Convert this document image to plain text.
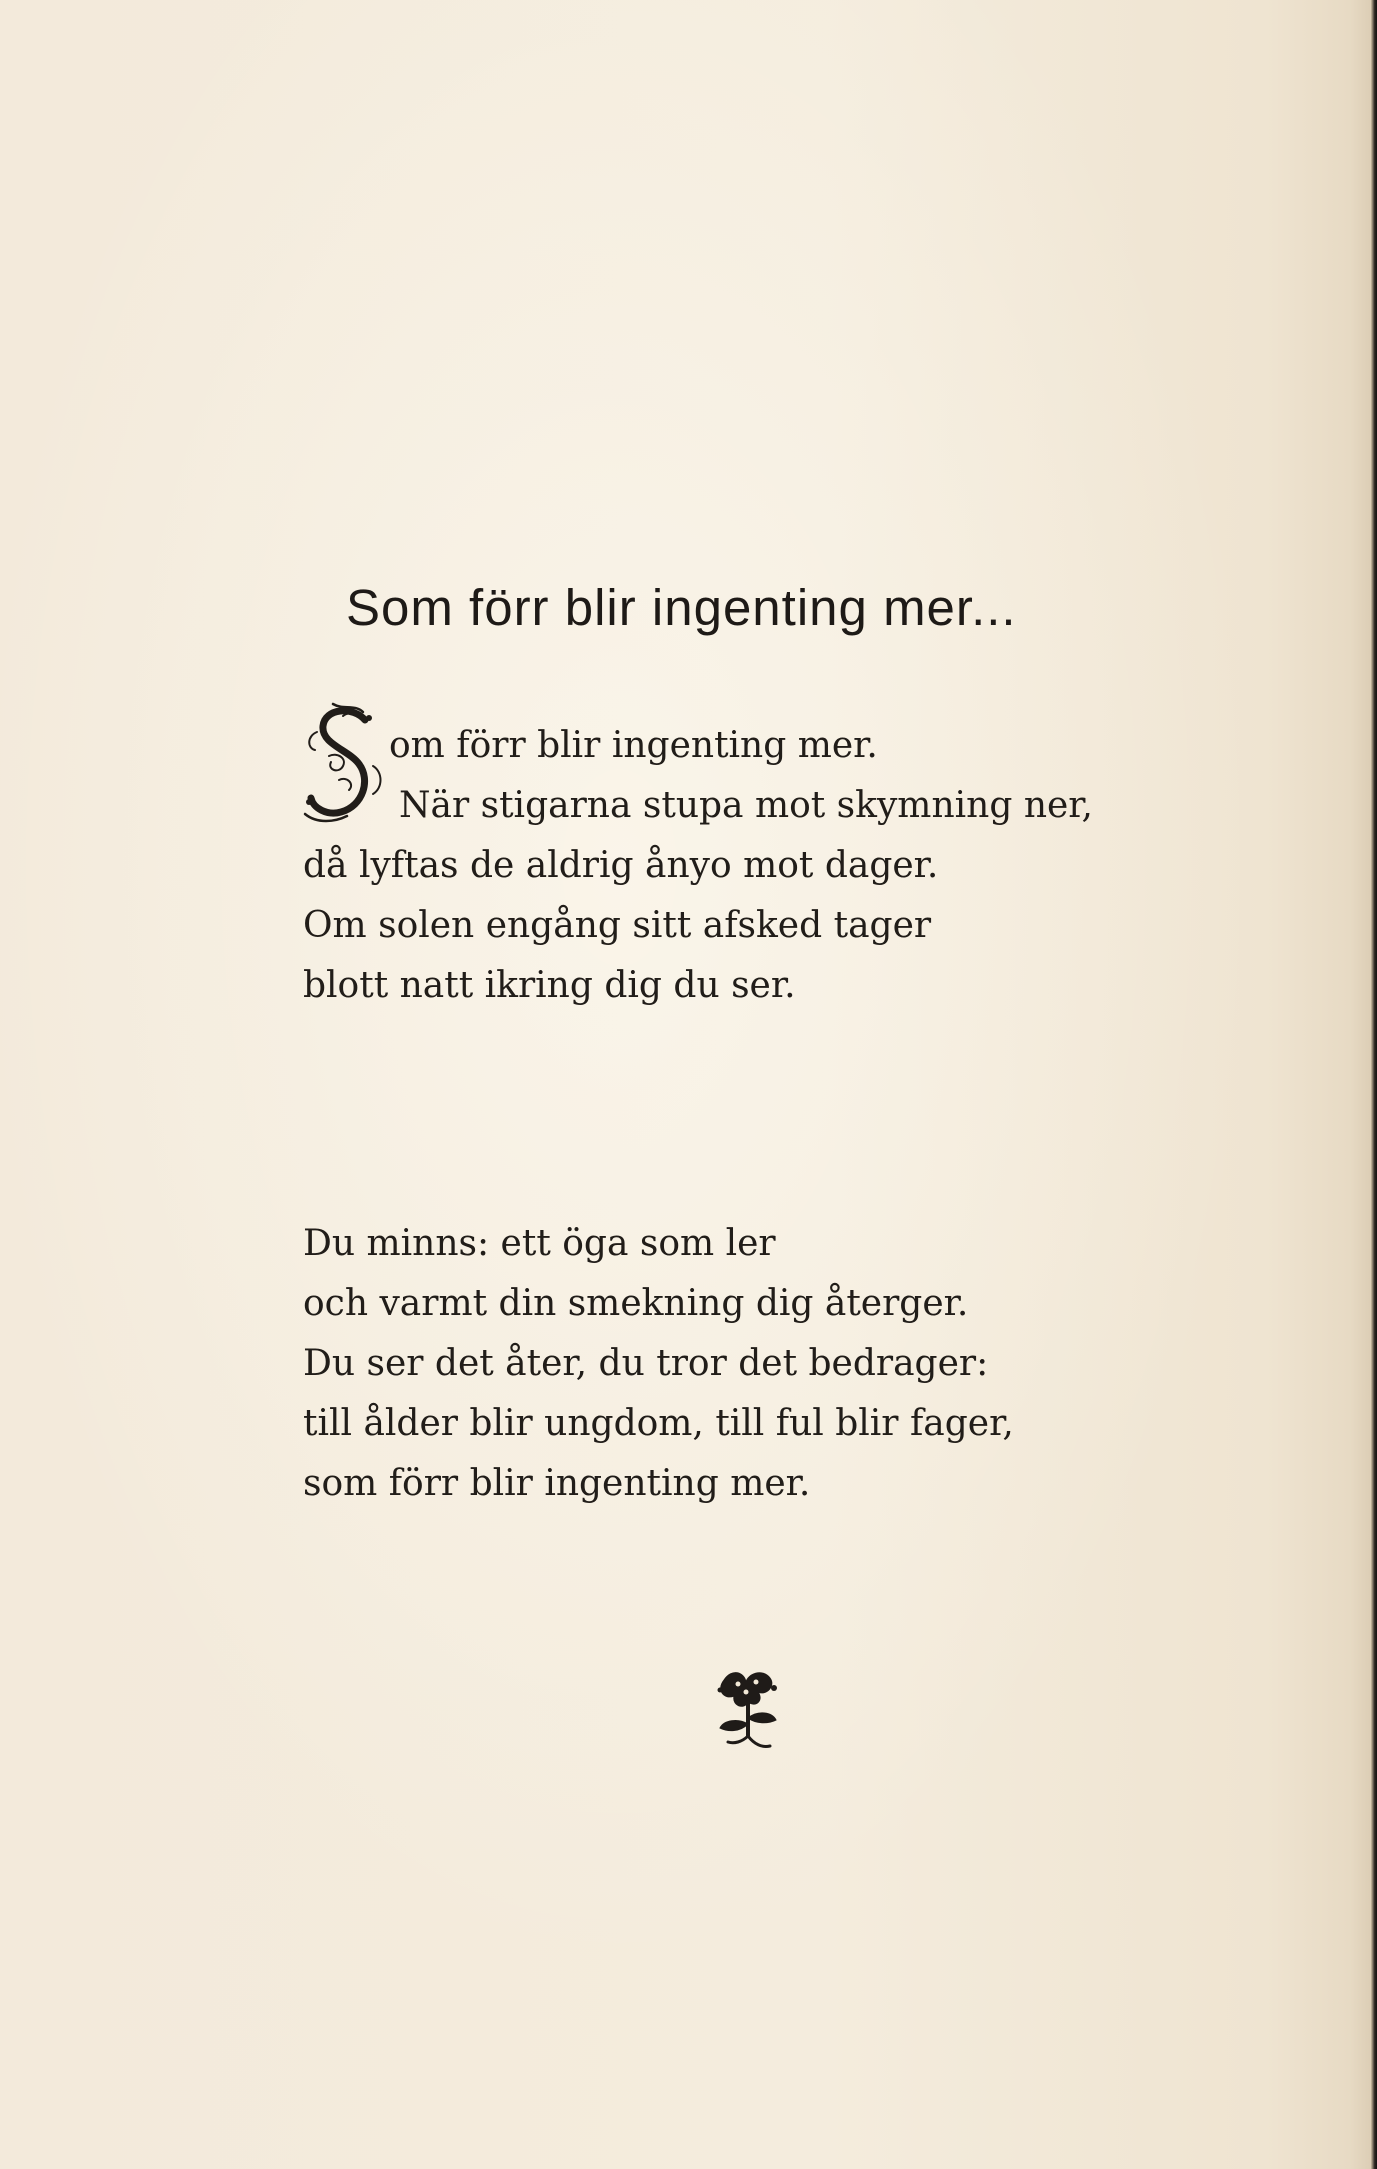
Som förr blir ingenting mer...
om förr blir ingenting mer.
När stigarna stupa mot skymning ner,
då lyftas de aldrig ånyo mot dager.
Om solen engång sitt afsked tager
blott natt ikring dig du ser.
Du minns: ett öga som ler
och varmt din smekning dig återger.
Du ser det åter, du tror det bedrager:
till ålder blir ungdom, till ful blir fager,
som förr blir ingenting mer.
